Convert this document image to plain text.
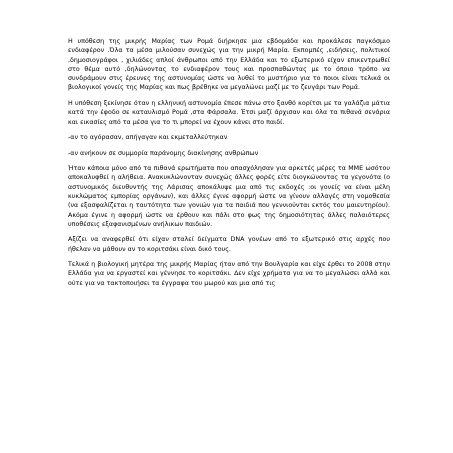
Η υπόθεση της μικρής Μαρίας των Ρομά διήρκησε μια εβδομάδα και προκάλεσε παγκόσμιο ενδιαφέρον .Όλα τα μέσα μιλούσαν συνεχώς για την μικρή Μαρία. Εκπομπές ,ειδήσεις, πολιτικοί ,δημοσιογράφοι , χιλιάδες απλοί άνθρωποι από την Ελλάδα και το εξωτερικό είχαν επικεντρωθεί στο θέμα αυτό ,δηλώνοντας το ενδιαφέρον τους και προσπαθώντας με το όποιο τρόπο να συνδράμουν στις έρευνες της αστυνομίας ώστε να λυθεί το μυστήριο για το ποιοι είναι τελικά οι βιολογικοί γονείς της Μαρίας και πως βρέθηκε να μεγαλώνει μαζί με το ζευγάρι των Ρομά.

Η υπόθεση ξεκίνησε όταν η ελληνική αστυνομία έπεσε πάνω στο ξανθό κορίτσι με τα γαλάζια μάτια κατά την έφοδο σε καταυλισμό Ρομά ,στα Φάρσαλα. Έτσι μαζί άρχισαν και όλα τα πιθανά σενάρια και εικασίες από τα μέσα για το τι μπορεί να έχουν κάνει στο παιδί.

-αν το αγόρασαν, απήγαγαν και εκμεταλλεύτηκαν

-αν ανήκουν σε συμμορία παράνομης διακίνησης ανθρώπων

Ήταν κάποια μόνο από τα πιθανά ερωτήματα που απασχόλησαν για αρκετές μέρες τα ΜΜΕ ωσότου αποκαλυφθεί η αλήθεια. Ανακυκλώνονταν συνεχώς άλλες φορές είτε διογκώνοντας τα γεγονότα (ο αστυνομικός διευθυντής της Λάρισας αποκάλυψε μια από τις εκδοχές :οι γονείς να είναι μέλη κυκλώματος εμπορίας οργάνων), και άλλες έγινε αφορμή ώστε να γίνουν αλλαγές στη νομοθεσία (να εξασφαλίζεται η ταυτότητα των γονιών για τα παιδιά που γεννιούνται εκτός του μαιευτηρίου). Ακόμα έγινε η αφορμή ώστε να έρθουν και πάλι στο φως της δημοσιότητας άλλες παλαιότερες υποθέσεις εξαφανισμένων ανήλικων παιδιών.

Αξίζει να αναφερθεί ότι είχαν σταλεί δείγματα DNA γονέων από το εξωτερικό στις αρχές που ήθελαν να μάθουν αν το κοριτσάκι είναι δικό τους.

Τελικά η βιολογική μητέρα της μικρής Μαρίας ήταν από την Βουλγαρία και είχε έρθει το 2008 στην Ελλάδα για να εργαστεί και γέννησε το κοριτσάκι. Δεν είχε χρήματα για να το μεγαλώσει αλλά και ούτε για να τακτοποιήσει τα έγγραφα του μωρού και μια από τις
